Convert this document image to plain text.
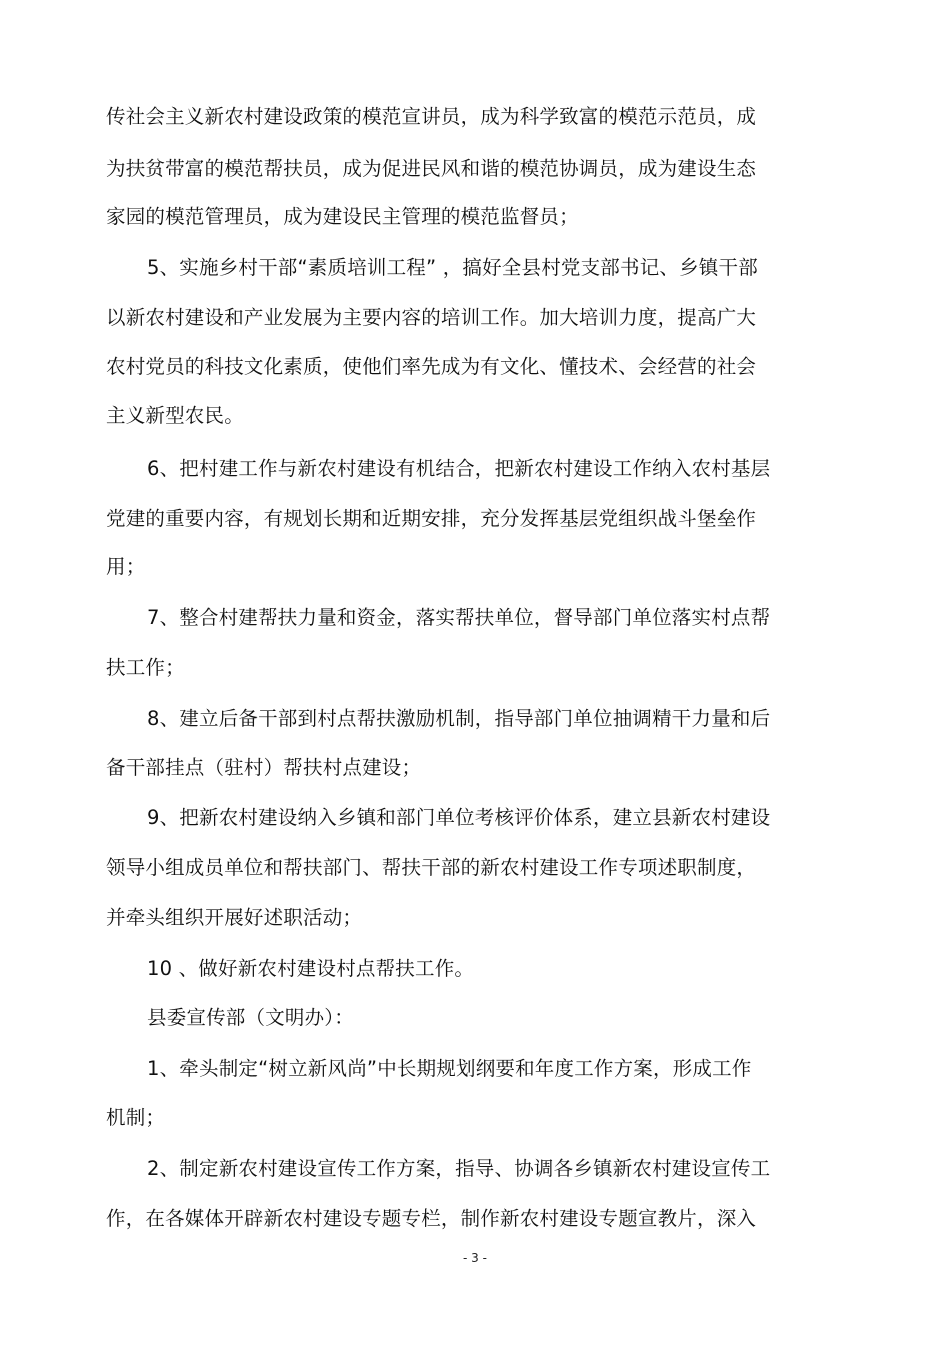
传社会主义新农村建设政策的模范宣讲员，成为科学致富的模范示范员，成
为扶贫带富的模范帮扶员，成为促进民风和谐的模范协调员，成为建设生态
家园的模范管理员，成为建设民主管理的模范监督员；
5、实施乡村干部“素质培训工程” ，搞好全县村党支部书记、乡镇干部
以新农村建设和产业发展为主要内容的培训工作。加大培训力度，提高广大
农村党员的科技文化素质，使他们率先成为有文化、懂技术、会经营的社会
主义新型农民。
6、把村建工作与新农村建设有机结合，把新农村建设工作纳入农村基层
党建的重要内容，有规划长期和近期安排，充分发挥基层党组织战斗堡垒作
用；
7、整合村建帮扶力量和资金，落实帮扶单位，督导部门单位落实村点帮
扶工作；
8、建立后备干部到村点帮扶激励机制，指导部门单位抽调精干力量和后
备干部挂点（驻村）帮扶村点建设；
9、把新农村建设纳入乡镇和部门单位考核评价体系，建立县新农村建设
领导小组成员单位和帮扶部门、帮扶干部的新农村建设工作专项述职制度，
并牵头组织开展好述职活动；
10 、做好新农村建设村点帮扶工作。
县委宣传部（文明办）：
1、牵头制定“树立新风尚”中长期规划纲要和年度工作方案，形成工作
机制；
2、制定新农村建设宣传工作方案，指导、协调各乡镇新农村建设宣传工
作，在各媒体开辟新农村建设专题专栏，制作新农村建设专题宣教片，深入
- 3 -
